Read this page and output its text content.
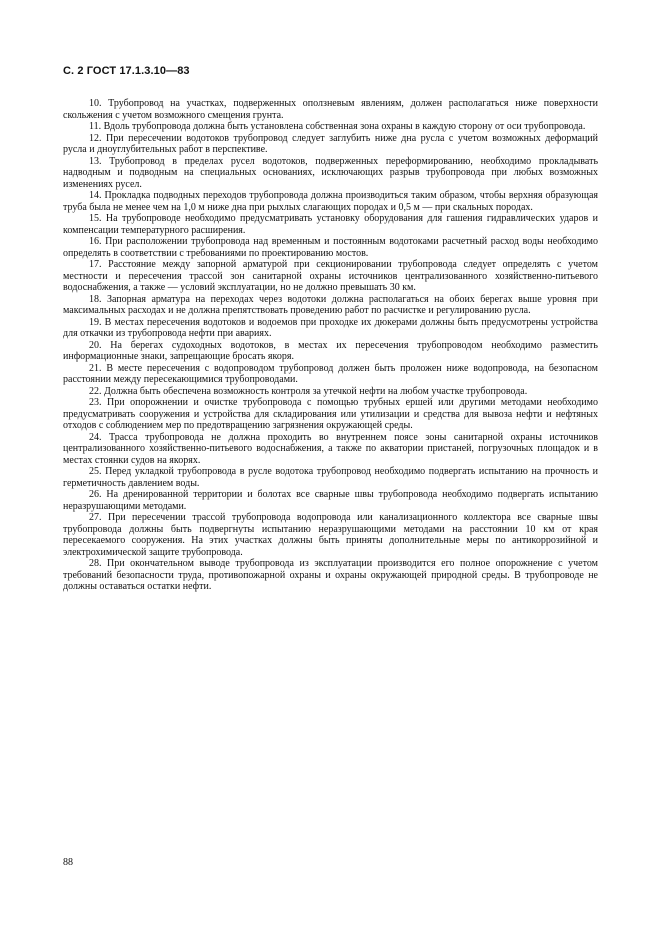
С. 2 ГОСТ 17.1.3.10—83

10. Трубопровод на участках, подверженных оползневым явлениям, должен располагаться ниже поверхности скольжения с учетом возможного смещения грунта.

11. Вдоль трубопровода должна быть установлена собственная зона охраны в каждую сторону от оси трубопровода.

12. При пересечении водотоков трубопровод следует заглубить ниже дна русла с учетом возможных деформаций русла и дноуглубительных работ в перспективе.

13. Трубопровод в пределах русел водотоков, подверженных переформированию, необходимо прокладывать надводным и подводным на специальных основаниях, исключающих разрыв трубопровода при любых возможных изменениях русел.

14. Прокладка подводных переходов трубопровода должна производиться таким образом, чтобы верхняя образующая труба была не менее чем на 1,0 м ниже дна при рыхлых слагающих породах и 0,5 м — при скальных породах.

15. На трубопроводе необходимо предусматривать установку оборудования для гашения гидравлических ударов и компенсации температурного расширения.

16. При расположении трубопровода над временным и постоянным водотоками расчетный расход воды необходимо определять в соответствии с требованиями по проектированию мостов.

17. Расстояние между запорной арматурой при секционировании трубопровода следует определять с учетом местности и пересечения трассой зон санитарной охраны источников централизованного хозяйственно-питьевого водоснабжения, а также — условий эксплуатации, но не должно превышать 30 км.

18. Запорная арматура на переходах через водотоки должна располагаться на обоих берегах выше уровня при максимальных расходах и не должна препятствовать проведению работ по расчистке и регулированию русла.

19. В местах пересечения водотоков и водоемов при проходке их дюкерами должны быть предусмотрены устройства для откачки из трубопровода нефти при авариях.

20. На берегах судоходных водотоков, в местах их пересечения трубопроводом необходимо разместить информационные знаки, запрещающие бросать якоря.

21. В месте пересечения с водопроводом трубопровод должен быть проложен ниже водопровода, на безопасном расстоянии между пересекающимися трубопроводами.

22. Должна быть обеспечена возможность контроля за утечкой нефти на любом участке трубопровода.

23. При опорожнении и очистке трубопровода с помощью трубных ершей или другими методами необходимо предусматривать сооружения и устройства для складирования или утилизации и средства для вывоза нефти и нефтяных отходов с соблюдением мер по предотвращению загрязнения окружающей среды.

24. Трасса трубопровода не должна проходить во внутреннем поясе зоны санитарной охраны источников централизованного хозяйственно-питьевого водоснабжения, а также по акватории пристаней, погрузочных площадок и в местах стоянки судов на якорях.

25. Перед укладкой трубопровода в русле водотока трубопровод необходимо подвергать испытанию на прочность и герметичность давлением воды.

26. На дренированной территории и болотах все сварные швы трубопровода необходимо подвергать испытанию неразрушающими методами.

27. При пересечении трассой трубопровода водопровода или канализационного коллектора все сварные швы трубопровода должны быть подвергнуты испытанию неразрушающими методами на расстоянии 10 км от края пересекаемого сооружения. На этих участках должны быть приняты дополнительные меры по антикоррозийной и электрохимической защите трубопровода.

28. При окончательном выводе трубопровода из эксплуатации производится его полное опорожнение с учетом требований безопасности труда, противопожарной охраны и охраны окружающей природной среды. В трубопроводе не должны оставаться остатки нефти.

88
